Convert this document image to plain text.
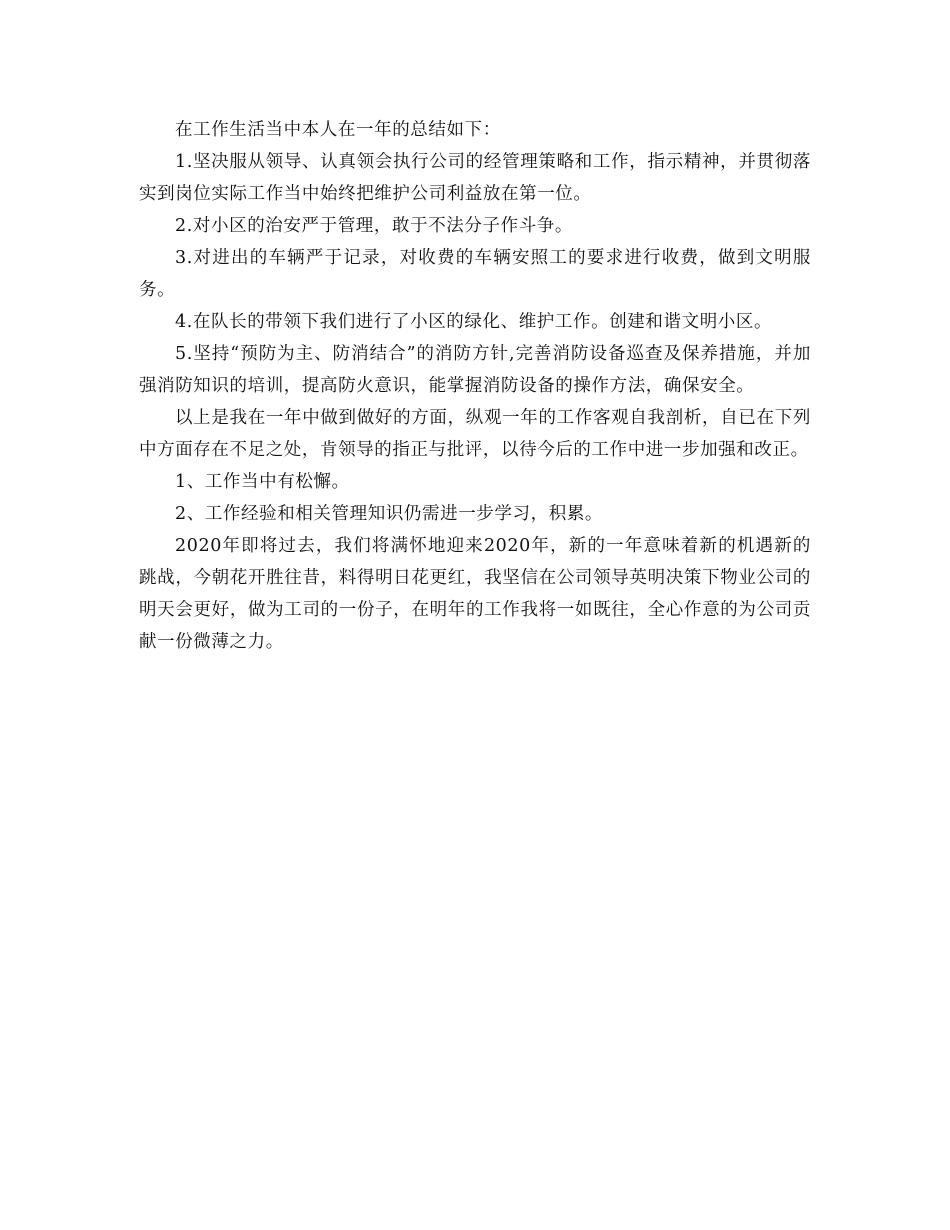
在工作生活当中本人在一年的总结如下：

1.坚决服从领导、认真领会执行公司的经管理策略和工作，指示精神，并贯彻落实到岗位实际工作当中始终把维护公司利益放在第一位。

2.对小区的治安严于管理，敢于不法分子作斗争。

3.对进出的车辆严于记录，对收费的车辆安照工的要求进行收费，做到文明服务。

4.在队长的带领下我们进行了小区的绿化、维护工作。创建和谐文明小区。

5.坚持“预防为主、防消结合”的消防方针,完善消防设备巡查及保养措施，并加强消防知识的培训，提高防火意识，能掌握消防设备的操作方法，确保安全。

以上是我在一年中做到做好的方面，纵观一年的工作客观自我剖析，自已在下列中方面存在不足之处，肯领导的指正与批评，以待今后的工作中进一步加强和改正。

1、工作当中有松懈。

2、工作经验和相关管理知识仍需进一步学习，积累。

2020年即将过去，我们将满怀地迎来2020年，新的一年意味着新的机遇新的跳战，今朝花开胜往昔，料得明日花更红，我坚信在公司领导英明决策下物业公司的明天会更好，做为工司的一份子，在明年的工作我将一如既往，全心作意的为公司贡献一份微薄之力。
